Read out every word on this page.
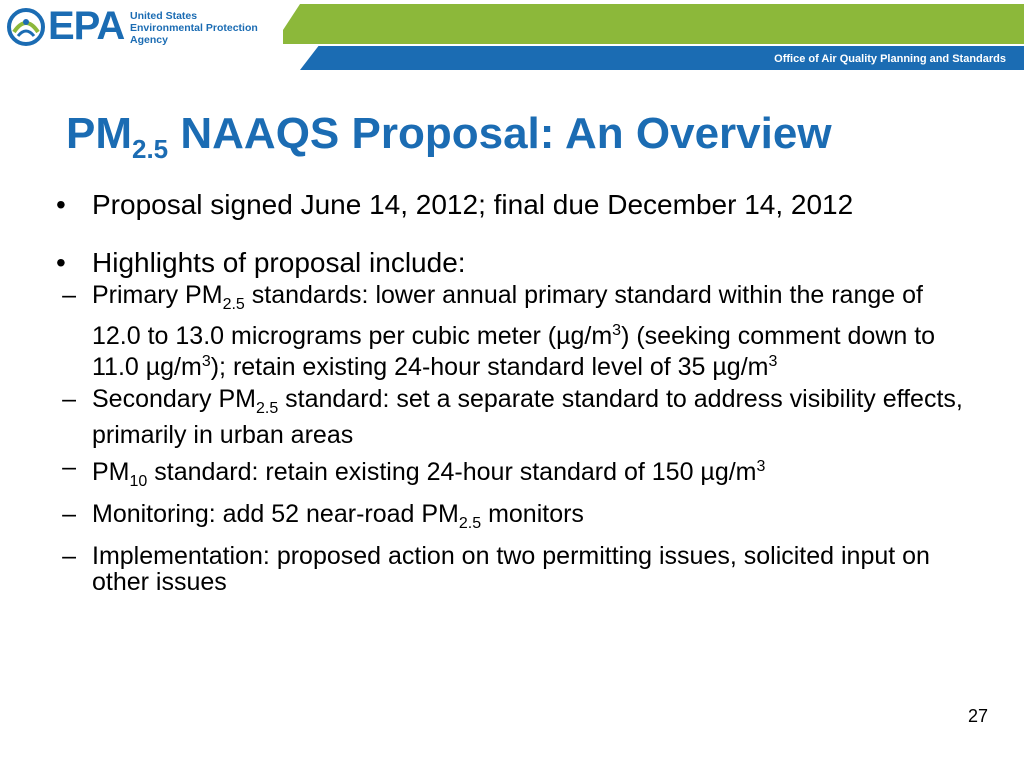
EPA United States
Environmental Protection
Agency
Office of Air Quality Planning and Standards
$PM_{2.5}$ NAAQS Proposal: An Overview
• Proposal signed June 14, 2012; final due December 14, 2012
• Highlights of proposal include:
– Primary $PM_{2.5}$ standards: lower annual primary standard within the range of 12.0 to 13.0 micrograms per cubic meter $(\mu g/m^3)$ (seeking comment down to 11.0 $\mu g/m^3$); retain existing 24-hour standard level of 35 $\mu g/m^3$
– Secondary $PM_{2.5}$ standard: set a separate standard to address visibility effects, primarily in urban areas
– $PM_{10}$ standard: retain existing 24-hour standard of 150 $\mu g/m^3$
– Monitoring: add 52 near-road $PM_{2.5}$ monitors
– Implementation: proposed action on two permitting issues, solicited input on other issues
27
